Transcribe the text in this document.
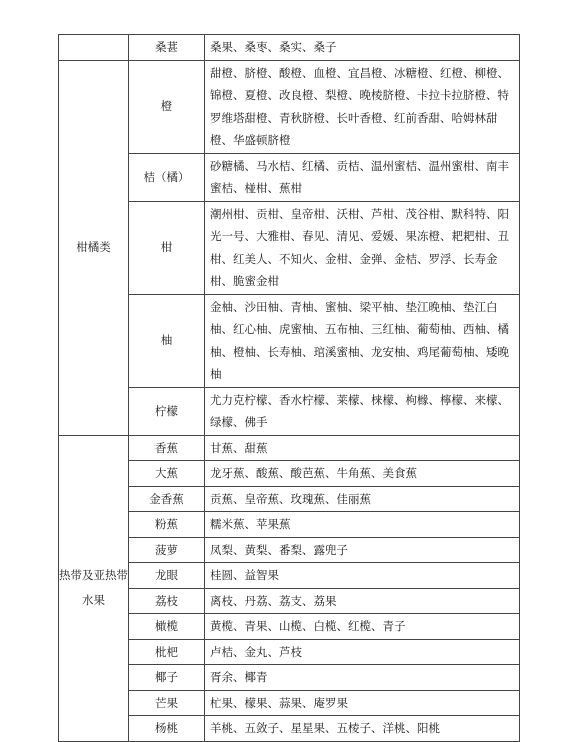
	桑葚	桑果、桑枣、桑实、桑子
柑橘类	橙	甜橙、脐橙、酸橙、血橙、宜昌橙、冰糖橙、红橙、柳橙、锦橙、夏橙、改良橙、梨橙、晚棱脐橙、卡拉卡拉脐橙、特罗维塔甜橙、青秋脐橙、长叶香橙、红前香甜、哈姆林甜橙、华盛顿脐橙
	桔（橘）	砂糖橘、马水桔、红橘、贡桔、温州蜜桔、温州蜜柑、南丰蜜桔、椪柑、蕉柑
	柑	潮州柑、贡柑、皇帝柑、沃柑、芦柑、茂谷柑、默科特、阳光一号、大雅柑、春见、清见、爱媛、果冻橙、耙耙柑、丑柑、红美人、不知火、金柑、金弹、金桔、罗浮、长寿金柑、脆蜜金柑
	柚	金柚、沙田柚、青柚、蜜柚、梁平柚、垫江晚柚、垫江白柚、红心柚、虎蜜柚、五布柚、三红柚、葡萄柚、西柚、橘柚、橙柚、长寿柚、琯溪蜜柚、龙安柚、鸡尾葡萄柚、矮晚柚
	柠檬	尤力克柠檬、香水柠檬、莱檬、梾檬、枸橼、檸檬、来檬、绿檬、佛手
热带及亚热带水果	香蕉	甘蕉、甜蕉
	大蕉	龙牙蕉、酸蕉、酸芭蕉、牛角蕉、美食蕉
	金香蕉	贡蕉、皇帝蕉、玫瑰蕉、佳丽蕉
	粉蕉	糯米蕉、苹果蕉
	菠萝	凤梨、黄梨、番梨、露兜子
	龙眼	桂圆、益智果
	荔枝	离枝、丹荔、荔支、荔果
	橄榄	黄榄、青果、山榄、白榄、红榄、青子
	枇杷	卢桔、金丸、芦枝
	椰子	胥余、椰青
	芒果	杧果、檬果、蒜果、庵罗果
	杨桃	羊桃、五敛子、星星果、五棱子、洋桃、阳桃
